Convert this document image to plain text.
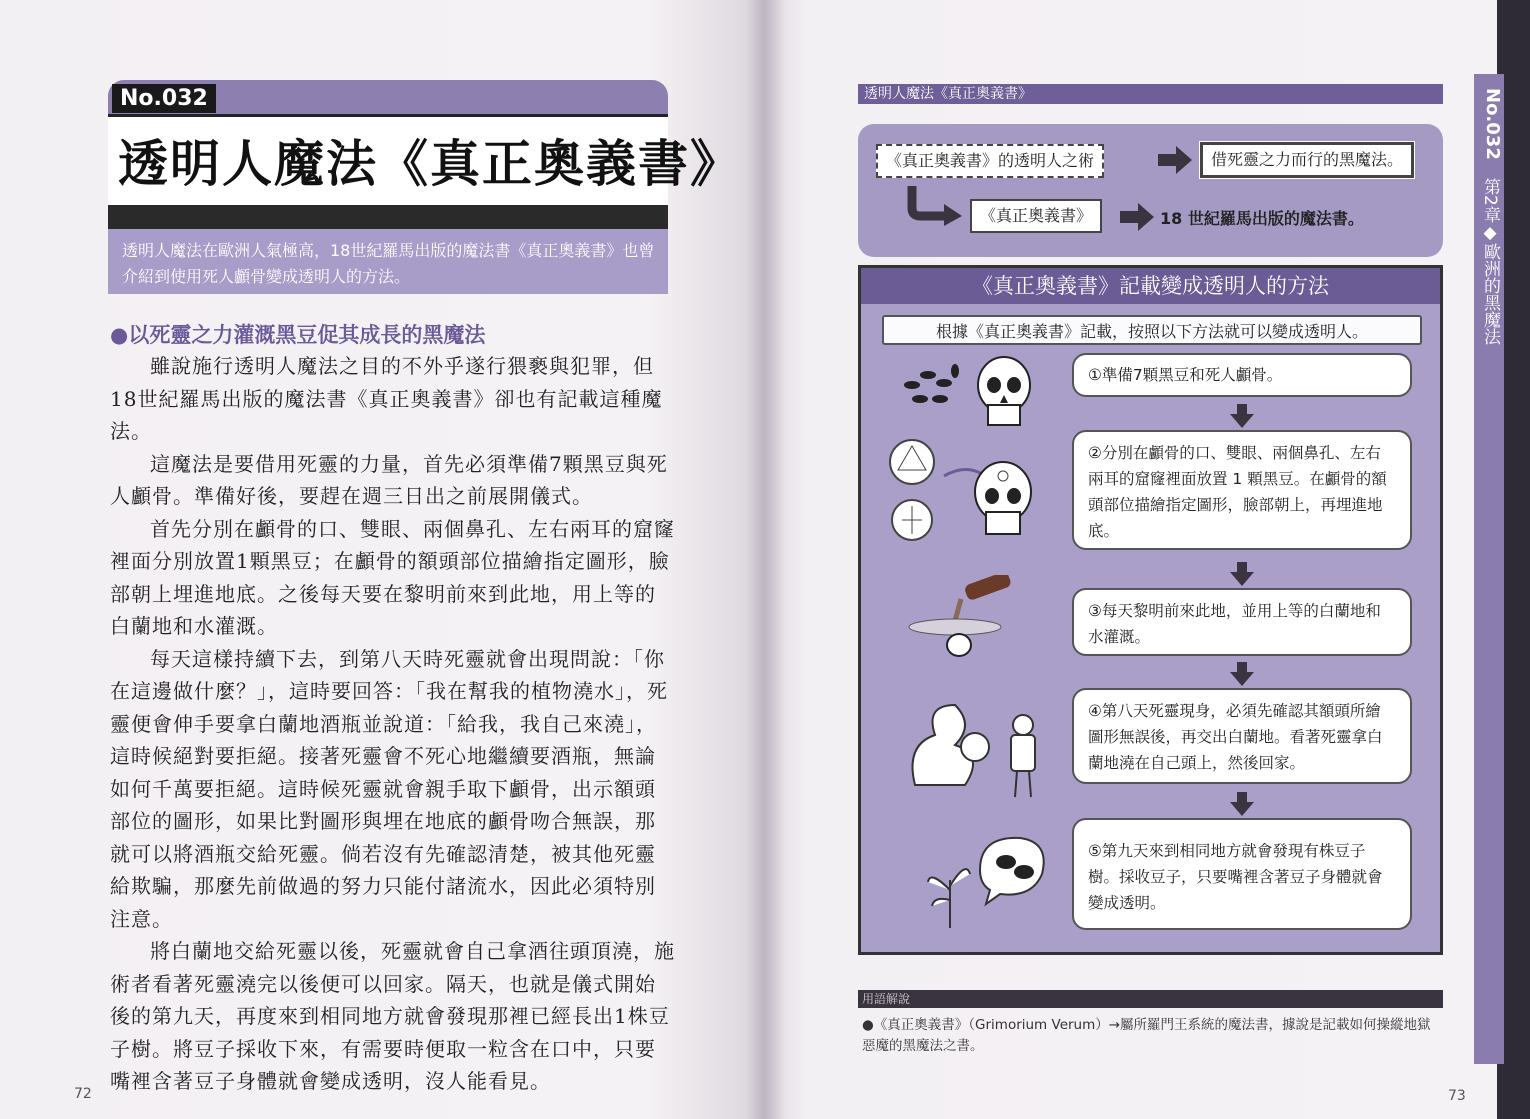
No.032
透明人魔法《真正奧義書》
透明人魔法在歐洲人氣極高，18世紀羅馬出版的魔法書《真正奧義書》也曾介紹到使用死人顱骨變成透明人的方法。
●以死靈之力灌溉黑豆促其成長的黑魔法

雖說施行透明人魔法之目的不外乎遂行猥褻與犯罪，但18世紀羅馬出版的魔法書《真正奧義書》卻也有記載這種魔法。

這魔法是要借用死靈的力量，首先必須準備7顆黑豆與死人顱骨。準備好後，要趕在週三日出之前展開儀式。

首先分別在顱骨的口、雙眼、兩個鼻孔、左右兩耳的窟窿裡面分別放置1顆黑豆；在顱骨的額頭部位描繪指定圖形，臉部朝上埋進地底。之後每天要在黎明前來到此地，用上等的白蘭地和水灌溉。

每天這樣持續下去，到第八天時死靈就會出現問說：「你在這邊做什麼？」，這時要回答：「我在幫我的植物澆水」，死靈便會伸手要拿白蘭地酒瓶並說道：「給我，我自己來澆」，這時候絕對要拒絕。接著死靈會不死心地繼續要酒瓶，無論如何千萬要拒絕。這時候死靈就會親手取下顱骨，出示額頭部位的圖形，如果比對圖形與埋在地底的顱骨吻合無誤，那就可以將酒瓶交給死靈。倘若沒有先確認清楚，被其他死靈給欺騙，那麼先前做過的努力只能付諸流水，因此必須特別注意。

將白蘭地交給死靈以後，死靈就會自己拿酒往頭頂澆，施術者看著死靈澆完以後便可以回家。隔天，也就是儀式開始後的第九天，再度來到相同地方就會發現那裡已經長出1株豆子樹。將豆子採收下來，有需要時便取一粒含在口中，只要嘴裡含著豆子身體就會變成透明，沒人能看見。

72
透明人魔法《真正奧義書》	No.032
第2章◆歐洲的黑魔法
《真正奧義書》的透明人之術	借死靈之力而行的黑魔法。
《真正奧義書》	18 世紀羅馬出版的魔法書。
《真正奧義書》記載變成透明人的方法
根據《真正奧義書》記載，按照以下方法就可以變成透明人。
①準備7顆黑豆和死人顱骨。
②分別在顱骨的口、雙眼、兩個鼻孔、左右兩耳的窟窿裡面放置 1 顆黑豆。在顱骨的額頭部位描繪指定圖形，臉部朝上，再埋進地底。
③每天黎明前來此地，並用上等的白蘭地和水灌溉。
④第八天死靈現身，必須先確認其額頭所繪圖形無誤後，再交出白蘭地。看著死靈拿白蘭地澆在自己頭上，然後回家。
⑤第九天來到相同地方就會發現有株豆子樹。採收豆子，只要嘴裡含著豆子身體就會變成透明。
用語解說
●《真正奧義書》（Grimorium Verum）→屬所羅門王系統的魔法書，據說是記載如何操縱地獄惡魔的黑魔法之書。
73
